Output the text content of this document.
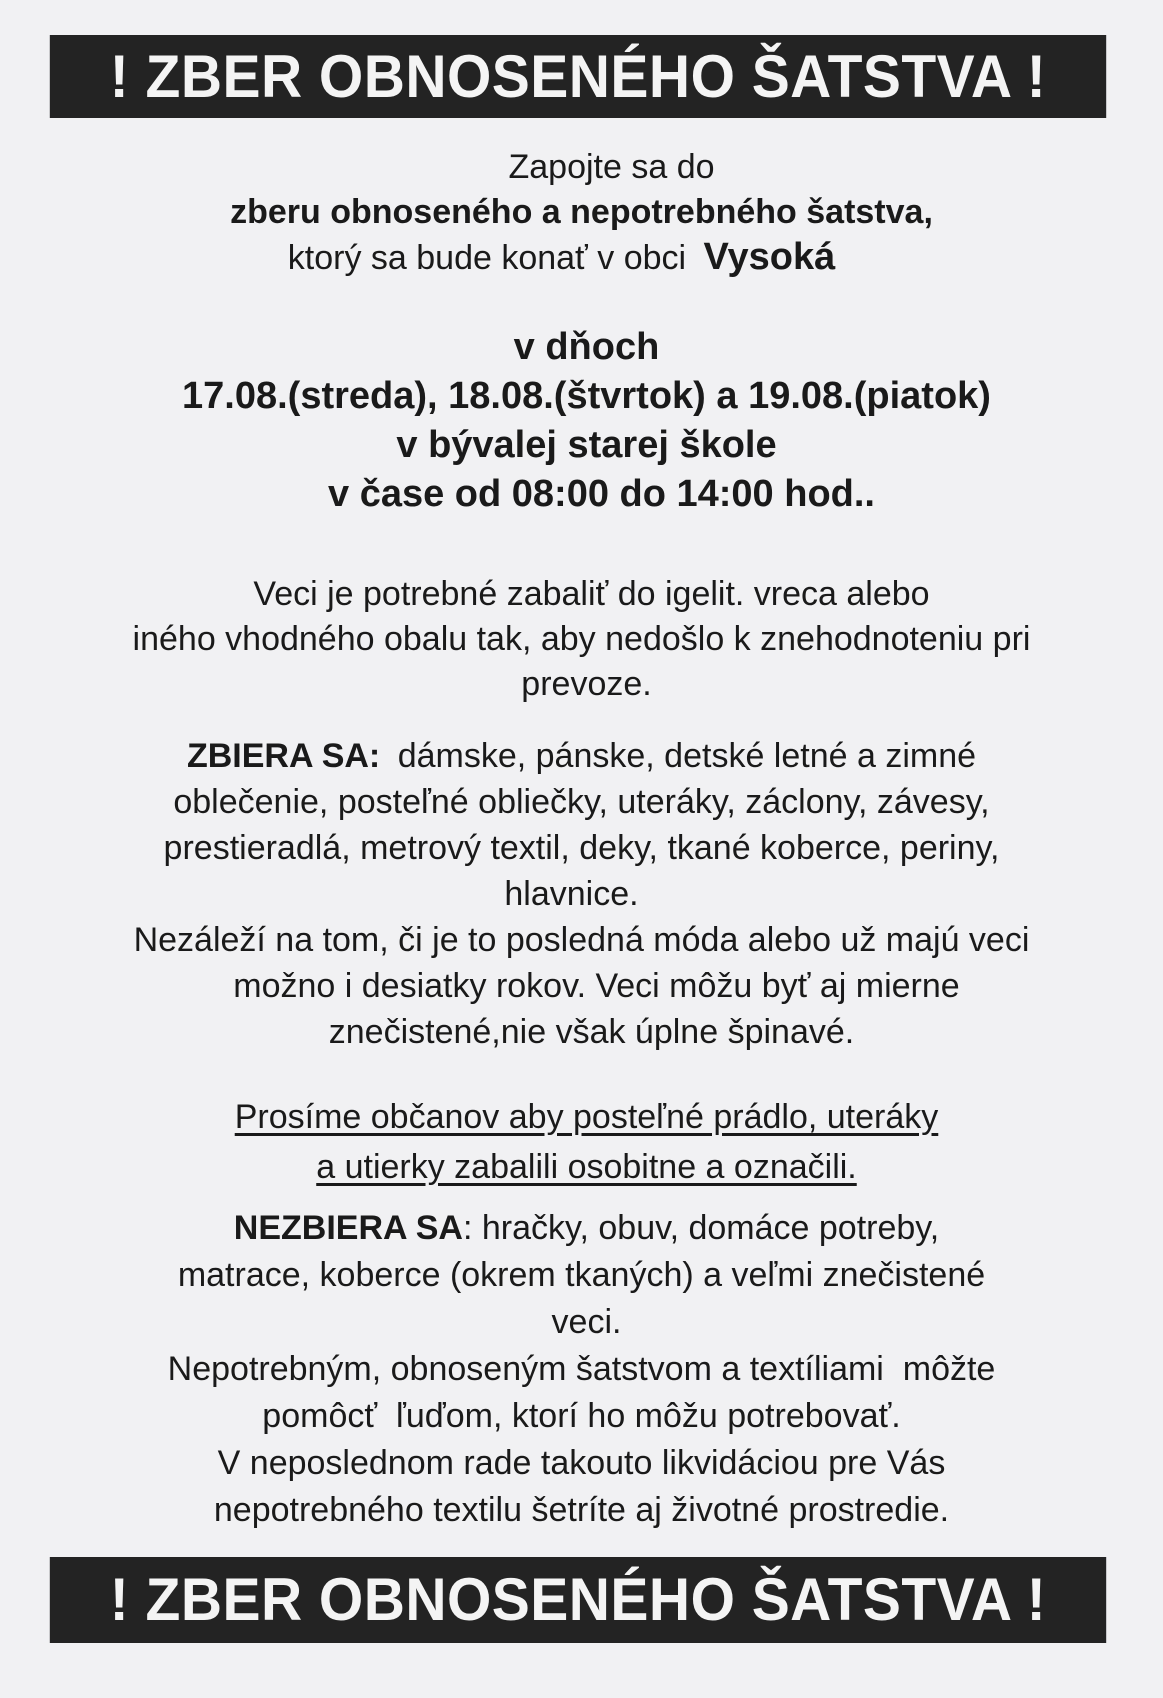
! ZBER OBNOSENÉHO ŠATSTVA !
Zapojte sa do
zberu obnoseného a nepotrebného šatstva,
ktorý sa bude konať v obci Vysoká
v dňoch
17.08.(streda), 18.08.(štvrtok) a 19.08.(piatok)
v bývalej starej škole
v čase od 08:00 do 14:00 hod..
Veci je potrebné zabaliť do igelit. vreca alebo
iného vhodného obalu tak, aby nedošlo k znehodnoteniu pri
prevoze.
ZBIERA SA: dámske, pánske, detské letné a zimné
oblečenie, posteľné obliečky, uteráky, záclony, závesy,
prestieradlá, metrový textil, deky, tkané koberce, periny,
hlavnice.
Nezáleží na tom, či je to posledná móda alebo už majú veci
možno i desiatky rokov. Veci môžu byť aj mierne
znečistené,nie však úplne špinavé.
Prosíme občanov aby posteľné prádlo, uteráky
a utierky zabalili osobitne a označili.
NEZBIERA SA: hračky, obuv, domáce potreby,
matrace, koberce (okrem tkaných) a veľmi znečistené
veci.
Nepotrebným, obnoseným šatstvom a textíliami  môžte
pomôcť  ľuďom, ktorí ho môžu potrebovať.
V neposlednom rade takouto likvidáciou pre Vás
nepotrebného textilu šetríte aj životné prostredie.
! ZBER OBNOSENÉHO ŠATSTVA !
